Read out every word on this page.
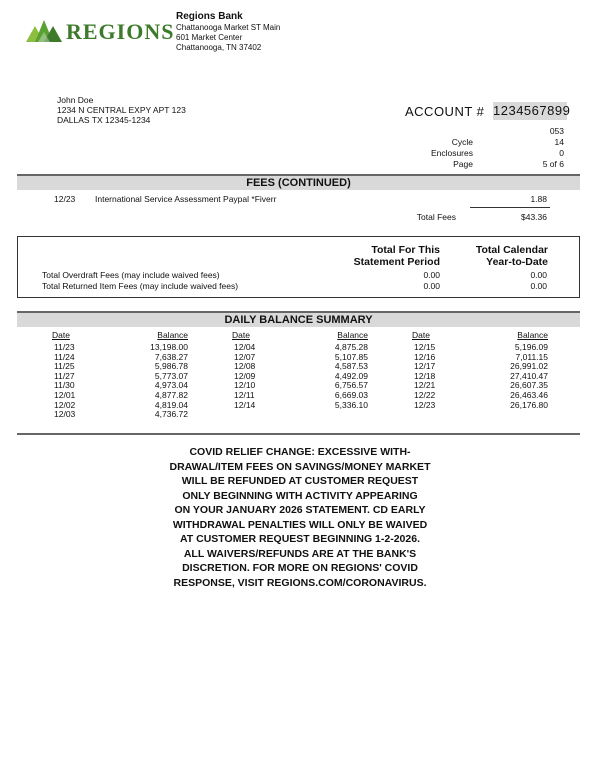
REGIONS
Regions Bank
Chattanooga Market ST Main
601 Market Center
Chattanooga, TN 37402
John Doe
1234 N CENTRAL EXPY APT 123
DALLAS TX 12345-1234
ACCOUNT # 1234567899
053
Cycle	14
Enclosures	0
Page	5 of 6
FEES (CONTINUED)
12/23 International Service Assessment Paypal *Fiverr	1.88
Total Fees	$43.36
Total For This
Statement Period
Total Calendar
Year-to-Date
Total Overdraft Fees (may include waived fees)	0.00	0.00
Total Returned Item Fees (may include waived fees)	0.00	0.00
DAILY BALANCE SUMMARY
Date	Balance
11/23	13,198.00
11/24	7,638.27
11/25	5,986.78
11/27	5,773.07
11/30	4,973.04
12/01	4,877.82
12/02	4,819.04
12/03	4,736.72
Date	Balance
12/04	4,875.28
12/07	5,107.85
12/08	4,587.53
12/09	4,492.09
12/10	6,756.57
12/11	6,669.03
12/14	5,336.10
Date	Balance
12/15	5,196.09
12/16	7,011.15
12/17	26,991.02
12/18	27,410.47
12/21	26,607.35
12/22	26,463.46
12/23	26,176.80
COVID RELIEF CHANGE: EXCESSIVE WITH-
DRAWAL/ITEM FEES ON SAVINGS/MONEY MARKET
WILL BE REFUNDED AT CUSTOMER REQUEST
ONLY BEGINNING WITH ACTIVITY APPEARING
ON YOUR JANUARY 2026 STATEMENT. CD EARLY
WITHDRAWAL PENALTIES WILL ONLY BE WAIVED
AT CUSTOMER REQUEST BEGINNING 1-2-2026.
ALL WAIVERS/REFUNDS ARE AT THE BANK'S
DISCRETION. FOR MORE ON REGIONS' COVID
RESPONSE, VISIT REGIONS.COM/CORONAVIRUS.
